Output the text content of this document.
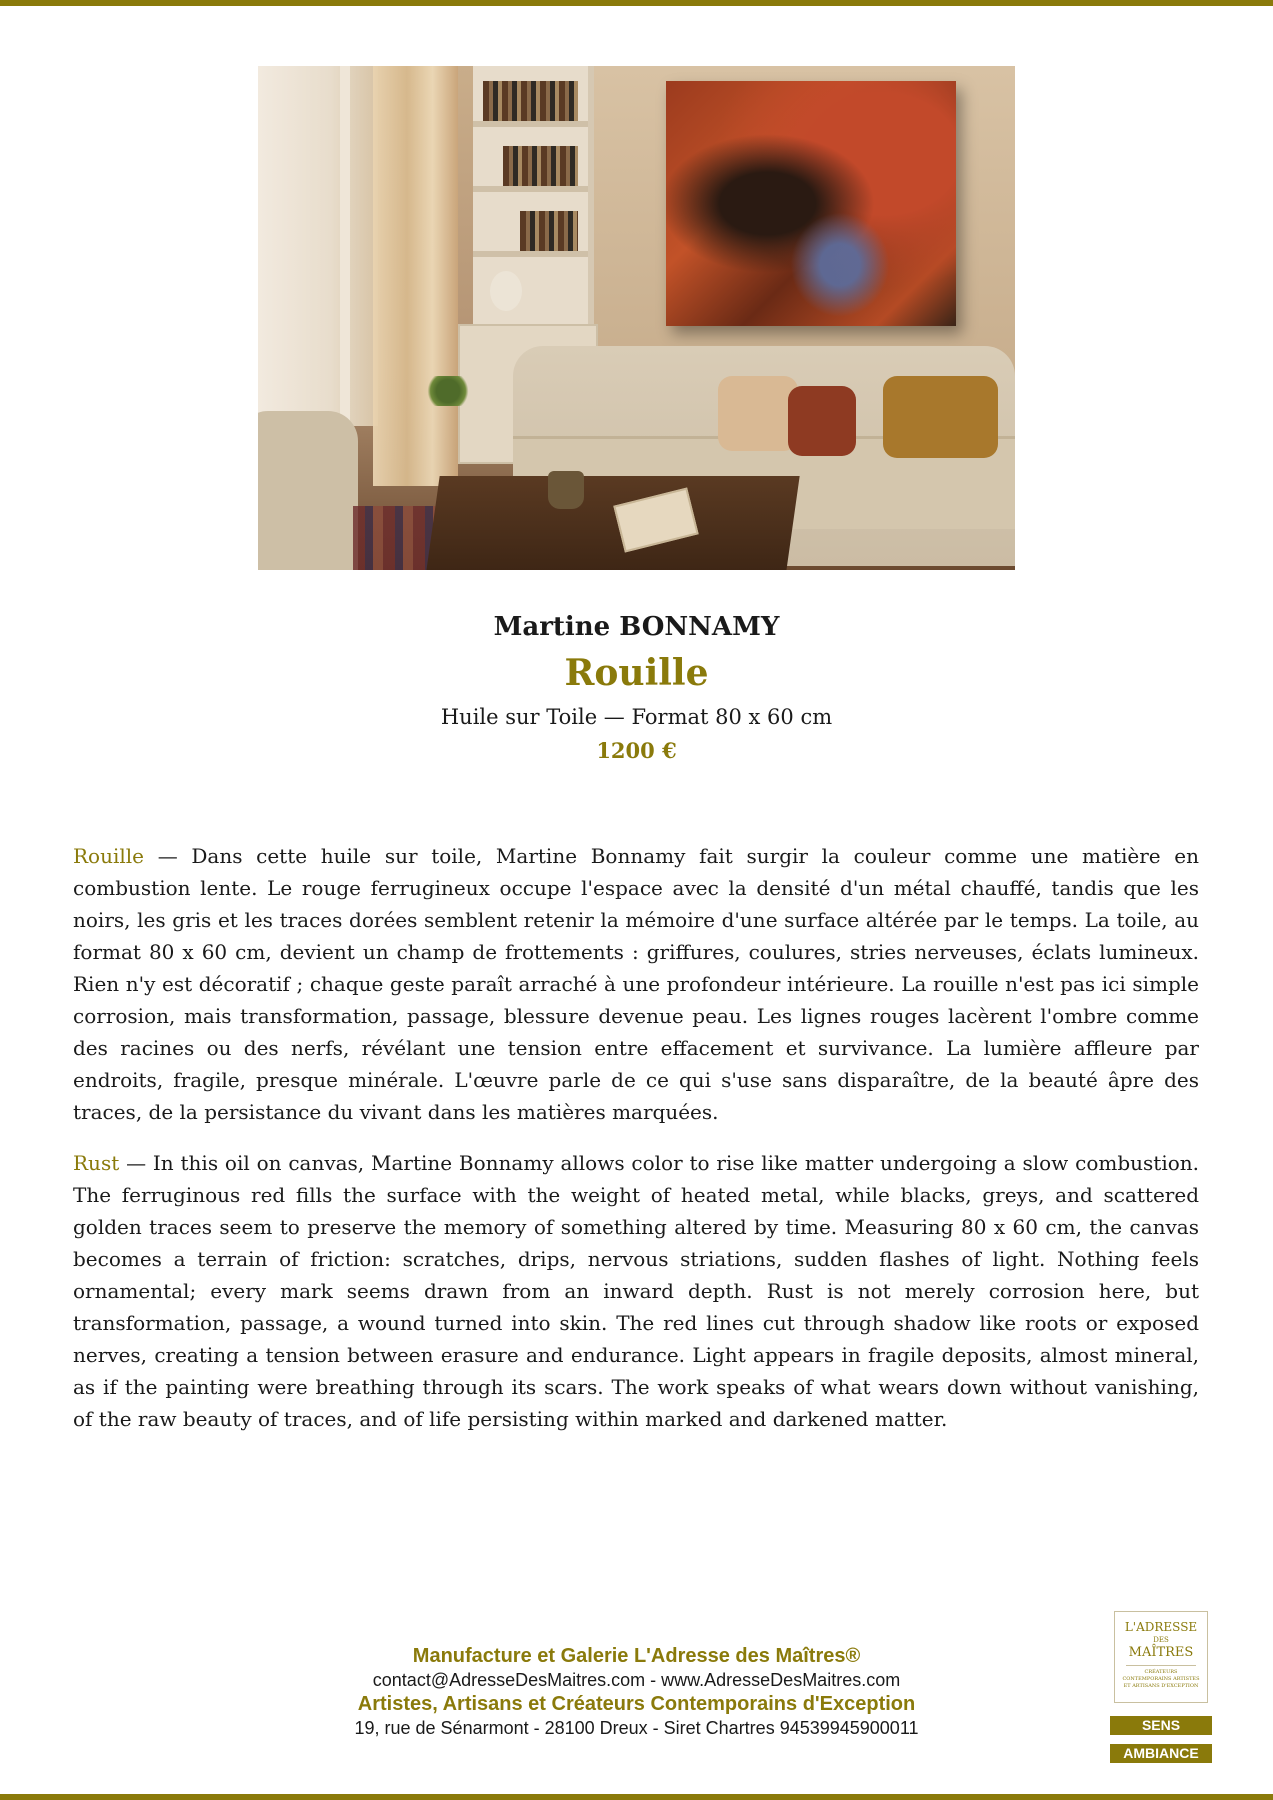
Martine BONNAMY
Rouille

Huile sur Toile — Format 80 x 60 cm

1200 €

Rouille — Dans cette huile sur toile, Martine Bonnamy fait surgir la couleur comme une matière en combustion lente. Le rouge ferrugineux occupe l'espace avec la densité d'un métal chauffé, tandis que les noirs, les gris et les traces dorées semblent retenir la mémoire d'une surface altérée par le temps. La toile, au format 80 x 60 cm, devient un champ de frottements : griffures, coulures, stries nerveuses, éclats lumineux. Rien n'y est décoratif ; chaque geste paraît arraché à une profondeur intérieure. La rouille n'est pas ici simple corrosion, mais transformation, passage, blessure devenue peau. Les lignes rouges lacèrent l'ombre comme des racines ou des nerfs, révélant une tension entre effacement et survivance. La lumière affleure par endroits, fragile, presque minérale. L'œuvre parle de ce qui s'use sans disparaître, de la beauté âpre des traces, de la persistance du vivant dans les matières marquées.

Rust — In this oil on canvas, Martine Bonnamy allows color to rise like matter undergoing a slow combustion. The ferruginous red fills the surface with the weight of heated metal, while blacks, greys, and scattered golden traces seem to preserve the memory of something altered by time. Measuring 80 x 60 cm, the canvas becomes a terrain of friction: scratches, drips, nervous striations, sudden flashes of light. Nothing feels ornamental; every mark seems drawn from an inward depth. Rust is not merely corrosion here, but transformation, passage, a wound turned into skin. The red lines cut through shadow like roots or exposed nerves, creating a tension between erasure and endurance. Light appears in fragile deposits, almost mineral, as if the painting were breathing through its scars. The work speaks of what wears down without vanishing, of the raw beauty of traces, and of life persisting within marked and darkened matter.

Manufacture et Galerie L'Adresse des Maîtres®
contact@AdresseDesMaitres.com - www.AdresseDesMaitres.com
Artistes, Artisans et Créateurs Contemporains d'Exception
19, rue de Sénarmont - 28100 Dreux - Siret Chartres 94539945900011
L'ADRESSE
DES
MAÎTRES
CRÉATEURS CONTEMPORAINS ARTISTES ET ARTISANS D'EXCEPTION
SENS
AMBIANCE
